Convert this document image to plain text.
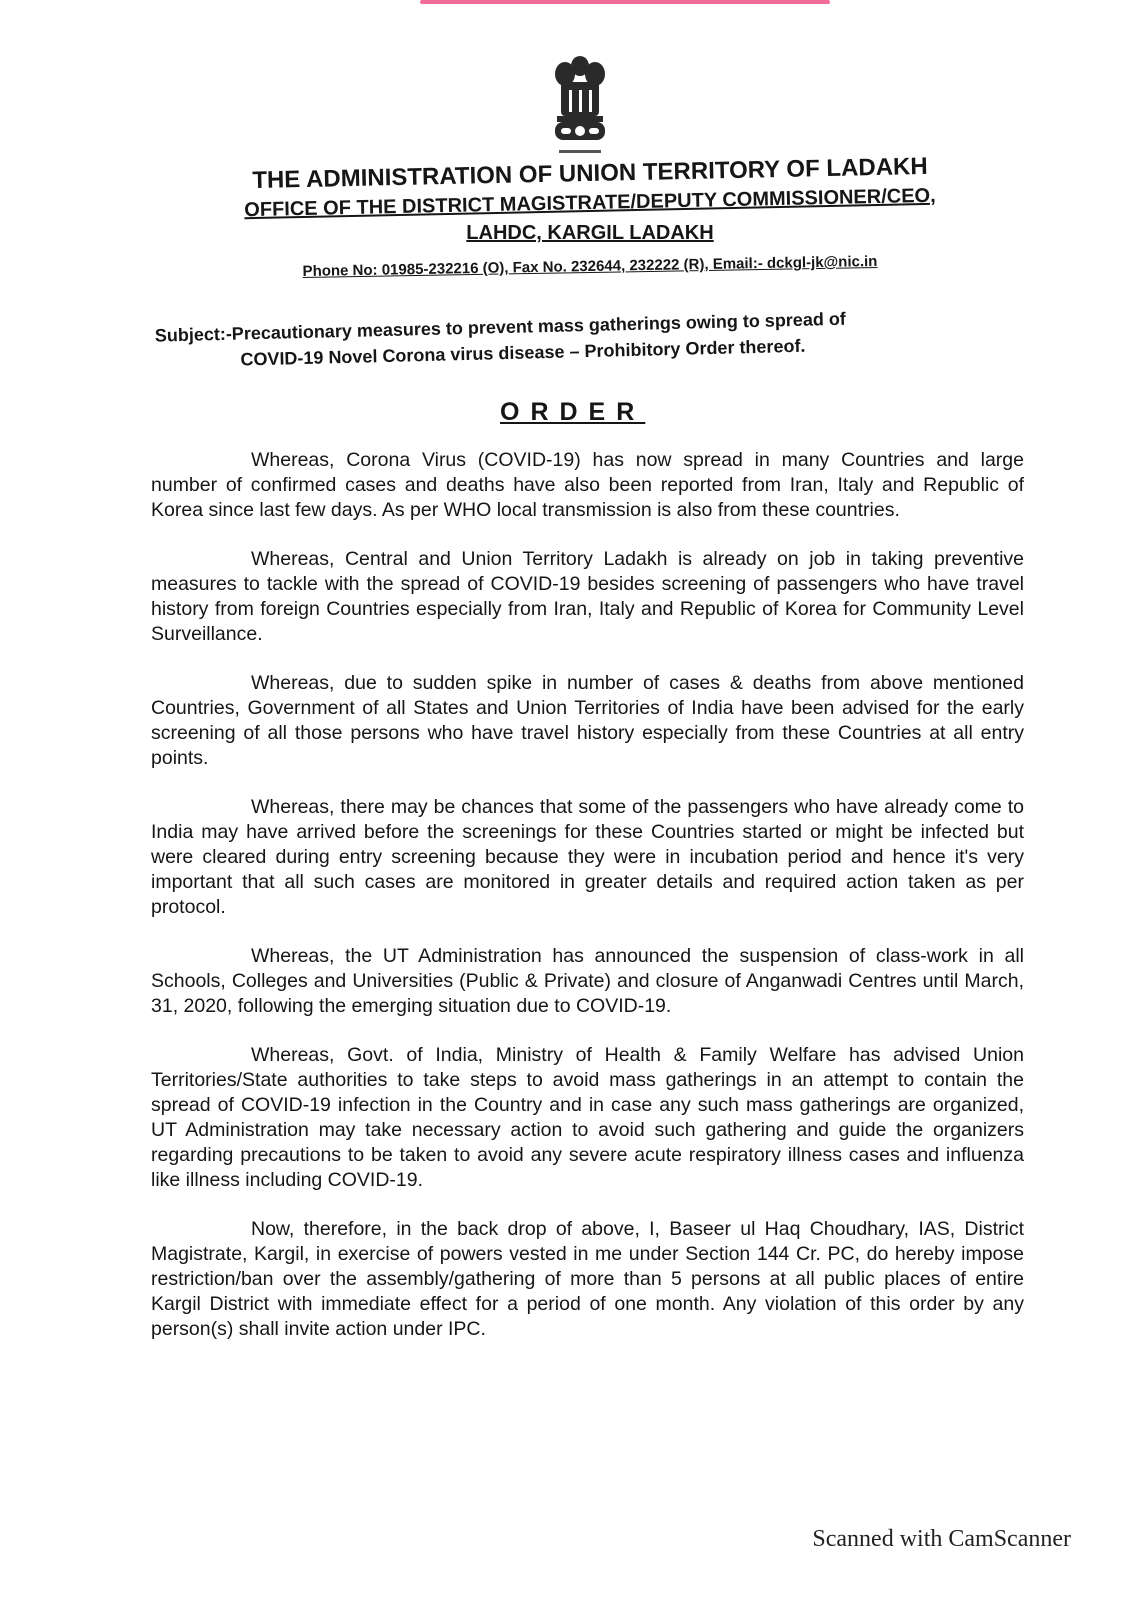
THE ADMINISTRATION OF UNION TERRITORY OF LADAKH
OFFICE OF THE DISTRICT MAGISTRATE/DEPUTY COMMISSIONER/CEO,
LAHDC, KARGIL LADAKH
Phone No: 01985-232216 (O), Fax No. 232644, 232222 (R), Email:- dckgl-jk@nic.in
Subject:-Precautionary measures to prevent mass gatherings owing to spread of
COVID-19 Novel Corona virus disease – Prohibitory Order thereof.
ORDER

Whereas, Corona Virus (COVID-19) has now spread in many Countries and large number of confirmed cases and deaths have also been reported from Iran, Italy and Republic of Korea since last few days. As per WHO local transmission is also from these countries.

Whereas, Central and Union Territory Ladakh is already on job in taking preventive measures to tackle with the spread of COVID-19 besides screening of passengers who have travel history from foreign Countries especially from Iran, Italy and Republic of Korea for Community Level Surveillance.

Whereas, due to sudden spike in number of cases & deaths from above mentioned Countries, Government of all States and Union Territories of India have been advised for the early screening of all those persons who have travel history especially from these Countries at all entry points.

Whereas, there may be chances that some of the passengers who have already come to India may have arrived before the screenings for these Countries started or might be infected but were cleared during entry screening because they were in incubation period and hence it's very important that all such cases are monitored in greater details and required action taken as per protocol.

Whereas, the UT Administration has announced the suspension of class-work in all Schools, Colleges and Universities (Public & Private) and closure of Anganwadi Centres until March, 31, 2020, following the emerging situation due to COVID-19.

Whereas, Govt. of India, Ministry of Health & Family Welfare has advised Union Territories/State authorities to take steps to avoid mass gatherings in an attempt to contain the spread of COVID-19 infection in the Country and in case any such mass gatherings are organized, UT Administration may take necessary action to avoid such gathering and guide the organizers regarding precautions to be taken to avoid any severe acute respiratory illness cases and influenza like illness including COVID-19.

Now, therefore, in the back drop of above, I, Baseer ul Haq Choudhary, IAS, District Magistrate, Kargil, in exercise of powers vested in me under Section 144 Cr. PC, do hereby impose restriction/ban over the assembly/gathering of more than 5 persons at all public places of entire Kargil District with immediate effect for a period of one month. Any violation of this order by any person(s) shall invite action under IPC.

Scanned with CamScanner
